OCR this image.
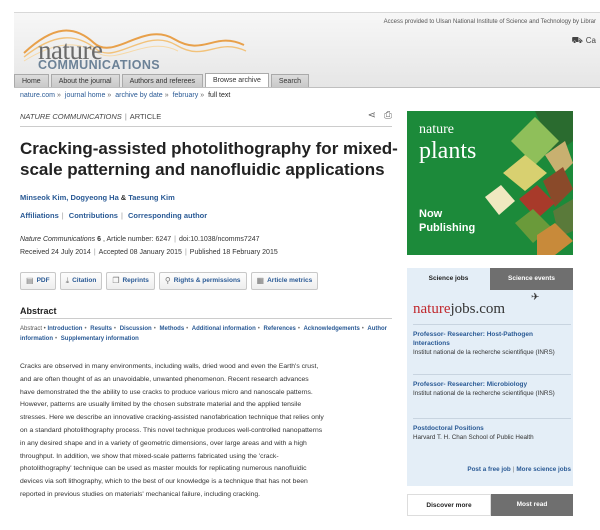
nature
COMMUNICATIONS
Access provided to Ulsan National Institute of Science and Technology by Librar
⛟ Ca
Home	About the journal	Authors and referees	Browse archive	Search
nature.com » journal home » archive by date » february » full text
NATURE COMMUNICATIONS | ARTICLE	⋖ ⎙
Cracking-assisted photolithography for mixed-scale patterning and nanofluidic applications
Minseok Kim, Dogyeong Ha & Taesung Kim
Affiliations | Contributions | Corresponding author
Nature Communications 6 , Article number: 6247 | doi:10.1038/ncomms7247
Received 24 July 2014 | Accepted 08 January 2015 | Published 18 February 2015
▤ PDF ⤓ Citation ❐ Reprints ⚲ Rights & permissions ▦ Article metrics
Abstract
Abstract • Introduction • Results • Discussion • Methods • Additional information • References • Acknowledgements • Author information • Supplementary information
Cracks are observed in many environments, including walls, dried wood and even the Earth's crust,
and are often thought of as an unavoidable, unwanted phenomenon. Recent research advances
have demonstrated the the ability to use cracks to produce various micro and nanoscale patterns.
However, patterns are usually limited by the chosen substrate material and the applied tensile
stresses. Here we describe an innovative cracking-assisted nanofabrication technique that relies only
on a standard photolithography process. This novel technique produces well-controlled nanopatterns
in any desired shape and in a variety of geometric dimensions, over large areas and with a high
throughput. In addition, we show that mixed-scale patterns fabricated using the 'crack-
photolithography' technique can be used as master moulds for replicating numerous nanofluidic
devices via soft lithography, which to the best of our knowledge is a technique that has not been
reported in previous studies on materials' mechanical failure, including cracking.
nature
plants
Now
Publishing
Science jobs	Science events
naturejobs.com
✈
Professor- Researcher: Host-Pathogen Interactions
Institut national de la recherche scientifique (INRS)
Professor- Researcher: Microbiology
Institut national de la recherche scientifique (INRS)
Postdoctoral Positions
Harvard T. H. Chan School of Public Health
Post a free job | More science jobs
Discover more	Most read
